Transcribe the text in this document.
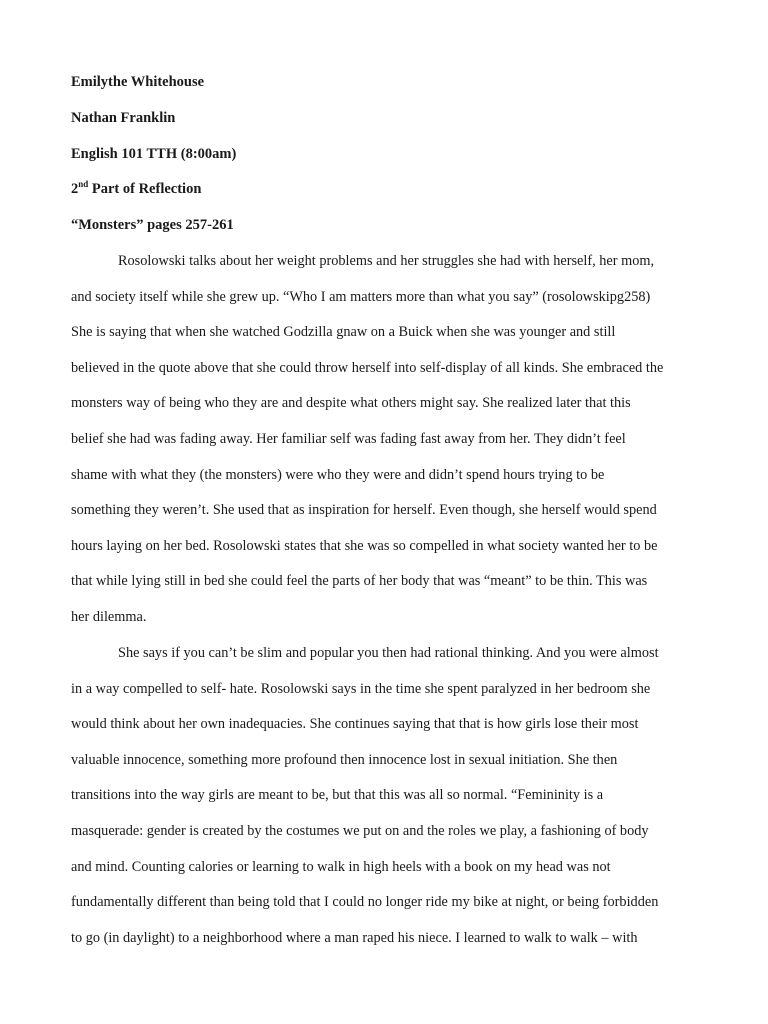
Emilythe Whitehouse
Nathan Franklin
English 101 TTH (8:00am)
2nd Part of Reflection
“Monsters” pages 257-261
Rosolowski talks about her weight problems and her struggles she had with herself, her mom,
and society itself while she grew up. “Who I am matters more than what you say” (rosolowskipg258)
She is saying that when she watched Godzilla gnaw on a Buick when she was younger and still
believed in the quote above that she could throw herself into self-display of all kinds. She embraced the
monsters way of being who they are and despite what others might say. She realized later that this
belief she had was fading away. Her familiar self was fading fast away from her. They didn’t feel
shame with what they (the monsters) were who they were and didn’t spend hours trying to be
something they weren’t. She used that as inspiration for herself. Even though, she herself would spend
hours laying on her bed. Rosolowski states that she was so compelled in what society wanted her to be
that while lying still in bed she could feel the parts of her body that was “meant” to be thin. This was
her dilemma.
She says if you can’t be slim and popular you then had rational thinking. And you were almost
in a way compelled to self- hate. Rosolowski says in the time she spent paralyzed in her bedroom she
would think about her own inadequacies. She continues saying that that is how girls lose their most
valuable innocence, something more profound then innocence lost in sexual initiation. She then
transitions into the way girls are meant to be, but that this was all so normal. “Femininity is a
masquerade: gender is created by the costumes we put on and the roles we play, a fashioning of body
and mind. Counting calories or learning to walk in high heels with a book on my head was not
fundamentally different than being told that I could no longer ride my bike at night, or being forbidden
to go (in daylight) to a neighborhood where a man raped his niece. I learned to walk to walk – with
